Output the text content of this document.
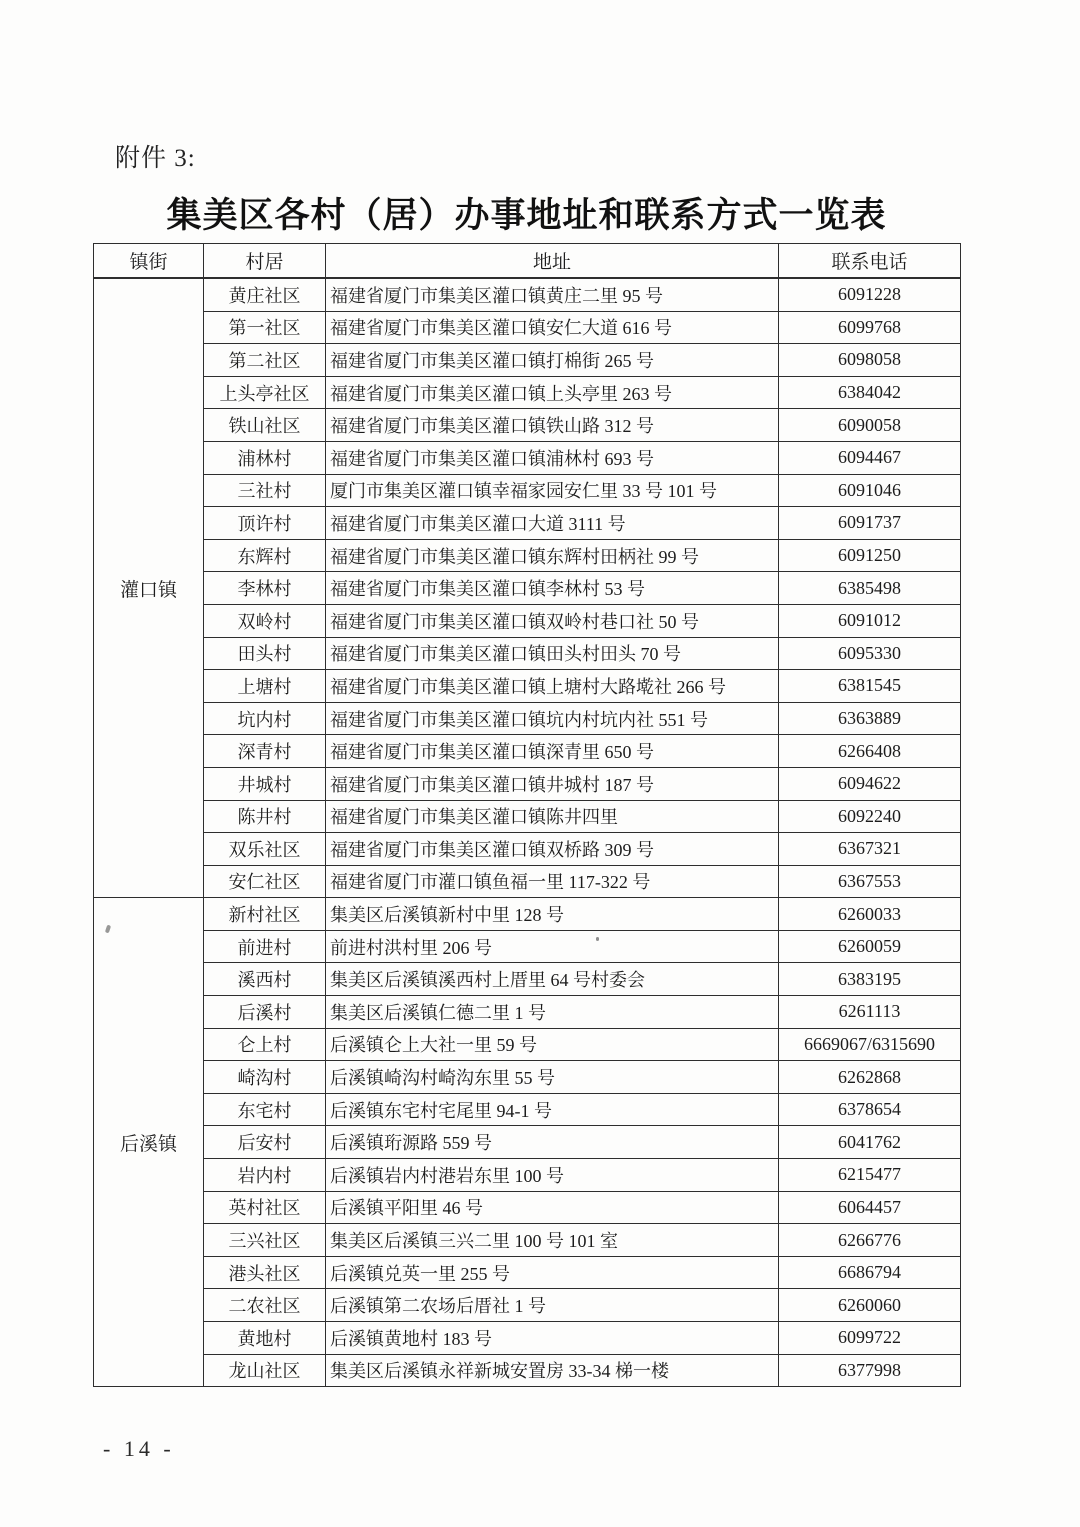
附件 3:
集美区各村（居）办事地址和联系方式一览表
镇街	村居	地址	联系电话
灌口镇	黄庄社区	福建省厦门市集美区灌口镇黄庄二里 95 号	6091228
	第一社区	福建省厦门市集美区灌口镇安仁大道 616 号	6099768
	第二社区	福建省厦门市集美区灌口镇打棉街 265 号	6098058
	上头亭社区	福建省厦门市集美区灌口镇上头亭里 263 号	6384042
	铁山社区	福建省厦门市集美区灌口镇铁山路 312 号	6090058
	浦林村	福建省厦门市集美区灌口镇浦林村 693 号	6094467
	三社村	厦门市集美区灌口镇幸福家园安仁里 33 号 101 号	6091046
	顶许村	福建省厦门市集美区灌口大道 3111 号	6091737
	东辉村	福建省厦门市集美区灌口镇东辉村田柄社 99 号	6091250
	李林村	福建省厦门市集美区灌口镇李林村 53 号	6385498
	双岭村	福建省厦门市集美区灌口镇双岭村巷口社 50 号	6091012
	田头村	福建省厦门市集美区灌口镇田头村田头 70 号	6095330
	上塘村	福建省厦门市集美区灌口镇上塘村大路墘社 266 号	6381545
	坑内村	福建省厦门市集美区灌口镇坑内村坑内社 551 号	6363889
	深青村	福建省厦门市集美区灌口镇深青里 650 号	6266408
	井城村	福建省厦门市集美区灌口镇井城村 187 号	6094622
	陈井村	福建省厦门市集美区灌口镇陈井四里	6092240
	双乐社区	福建省厦门市集美区灌口镇双桥路 309 号	6367321
	安仁社区	福建省厦门市灌口镇鱼福一里 117-322 号	6367553
后溪镇	新村社区	集美区后溪镇新村中里 128 号	6260033
	前进村	前进村洪村里 206 号	6260059
	溪西村	集美区后溪镇溪西村上厝里 64 号村委会	6383195
	后溪村	集美区后溪镇仁德二里 1 号	6261113
	仑上村	后溪镇仑上大社一里 59 号	6669067/6315690
	崎沟村	后溪镇崎沟村崎沟东里 55 号	6262868
	东宅村	后溪镇东宅村宅尾里 94-1 号	6378654
	后安村	后溪镇珩源路 559 号	6041762
	岩内村	后溪镇岩内村港岩东里 100 号	6215477
	英村社区	后溪镇平阳里 46 号	6064457
	三兴社区	集美区后溪镇三兴二里 100 号 101 室	6266776
	港头社区	后溪镇兑英一里 255 号	6686794
	二农社区	后溪镇第二农场后厝社 1 号	6260060
	黄地村	后溪镇黄地村 183 号	6099722
	龙山社区	集美区后溪镇永祥新城安置房 33-34 梯一楼	6377998
- 14 -
